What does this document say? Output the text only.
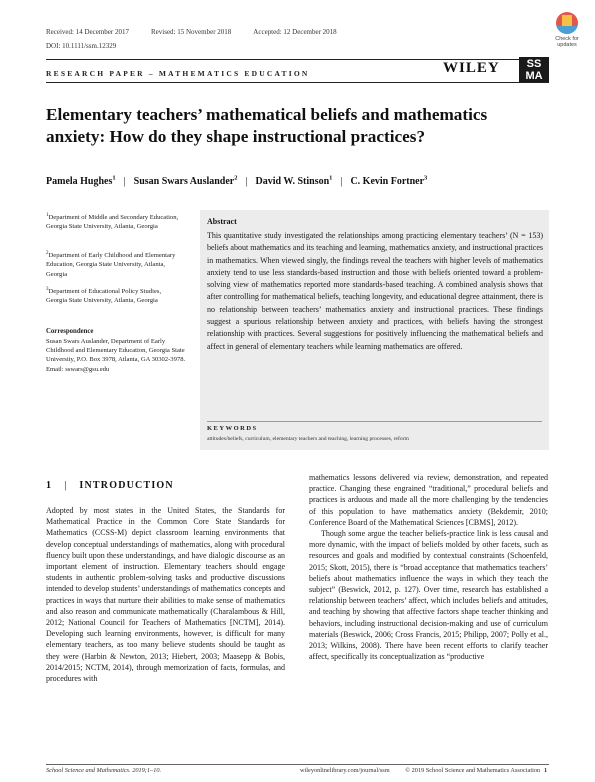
Received: 14 December 2017	Revised: 15 November 2018	Accepted: 12 December 2018
DOI: 10.1111/ssm.12329
Check for updates
RESEARCH PAPER – MATHEMATICS EDUCATION	WILEY SSMA
Elementary teachers’ mathematical beliefs and mathematics anxiety: How do they shape instructional practices?
Pamela Hughes$^1$ | Susan Swars Auslander$^2$ | David W. Stinson$^1$ | C. Kevin Fortner$^3$
$^1$Department of Middle and Secondary Education, Georgia State University, Atlanta, Georgia
$^2$Department of Early Childhood and Elementary Education, Georgia State University, Atlanta, Georgia
$^3$Department of Educational Policy Studies, Georgia State University, Atlanta, Georgia
Correspondence
Susan Swars Auslander, Department of Early Childhood and Elementary Education, Georgia State University, P.O. Box 3978, Atlanta, GA 30302-3978. Email: sswars@gsu.edu
Abstract
This quantitative study investigated the relationships among practicing elementary teachers’ (N = 153) beliefs about mathematics and its teaching and learning, mathematics anxiety, and instructional practices in mathematics. When viewed singly, the findings reveal the teachers with higher levels of mathematics anxiety tend to use less standards-based instruction and those with beliefs oriented toward a problem-solving view of mathematics reported more standards-based teaching. A combined analysis shows that after controlling for mathematical beliefs, teaching longevity, and educational degree attainment, there is no relationship between teachers’ mathematics anxiety and instructional practices. These findings suggest a spurious relationship between anxiety and practices, with beliefs having the strongest relationship with practices. Several suggestions for positively influencing the mathematical beliefs and affect in general of elementary teachers while learning mathematics are offered.
KEYWORDS
attitudes/beliefs, curriculum, elementary teachers and teaching, learning processes, reform
1 | INTRODUCTION

Adopted by most states in the United States, the Standards for Mathematical Practice in the Common Core State Standards for Mathematics (CCSS-M) depict classroom learning environments that develop conceptual understandings of mathematics, along with procedural fluency built upon these understandings, and have dialogic discourse as an important element of instruction. Elementary teachers should engage students in authentic problem-solving tasks and productive discussions intended to develop students’ understandings of mathematics concepts and practices in ways that nurture their abilities to make sense of mathematics and also reason and communicate mathematically (Charalambous & Hill, 2012; National Council for Teachers of Mathematics [NCTM], 2014). Developing such learning environments, however, is difficult for many elementary teachers, as too many believe students should be taught as they were (Harbin & Newton, 2013; Hiebert, 2003; Maasepp & Bobis, 2014/2015; NCTM, 2014), through memorization of facts, formulas, and procedures with

mathematics lessons delivered via review, demonstration, and repeated practice. Changing these engrained “traditional,” procedural beliefs and practices is arduous and made all the more challenging by the tendencies of this population to have mathematics anxiety (Bekdemir, 2010; Conference Board of the Mathematical Sciences [CBMS], 2012).

Though some argue the teacher beliefs-practice link is less causal and more dynamic, with the impact of beliefs molded by other facets, such as resources and goals and modified by contextual constraints (Schoenfeld, 2015; Skott, 2015), there is “broad acceptance that mathematics teachers’ beliefs about mathematics influence the ways in which they teach the subject” (Beswick, 2012, p. 127). Over time, research has established a relationship between teachers’ affect, which includes beliefs and attitudes, and teaching by showing that affective factors shape teacher thinking and behaviors, including instructional decision-making and use of curriculum materials (Beswick, 2006; Cross Francis, 2015; Philipp, 2007; Polly et al., 2013; Wilkins, 2008). There have been recent efforts to clarify teacher affect, specifically its conceptualization as “productive

School Science and Mathematics. 2019;1–10.	wileyonlinelibrary.com/journal/ssm © 2019 School Science and Mathematics Association 1
